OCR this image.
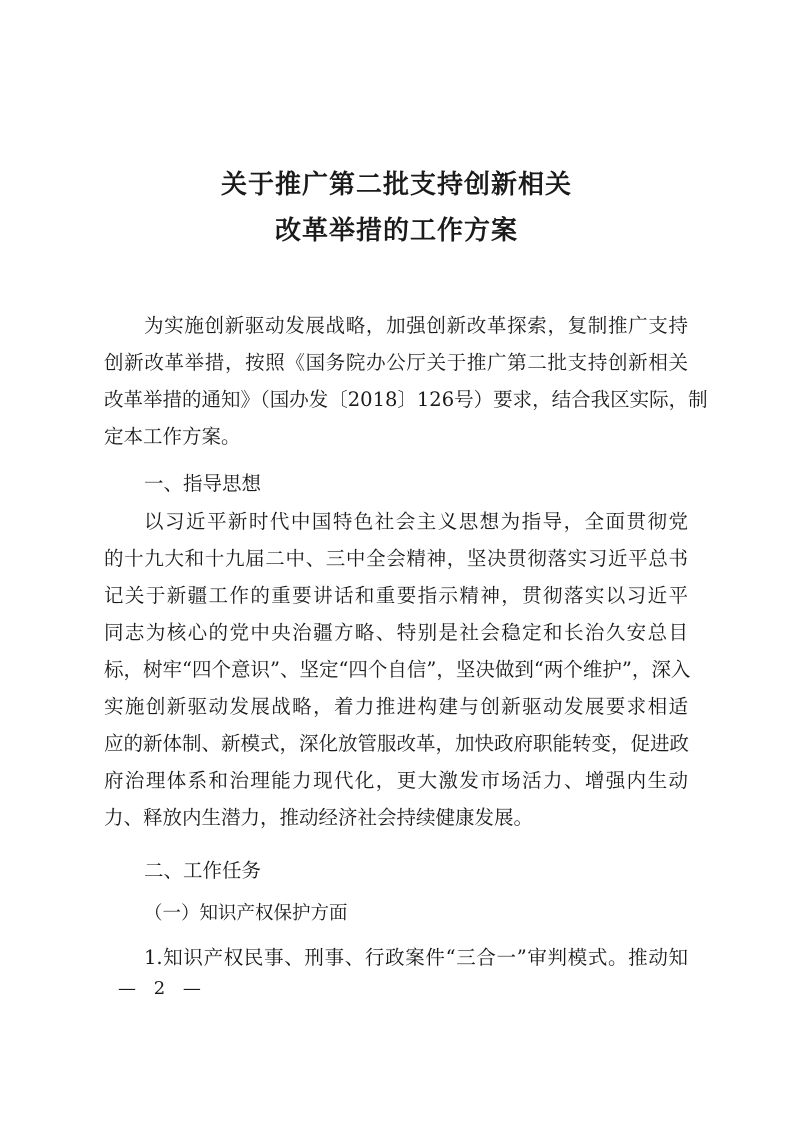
关于推广第二批支持创新相关
改革举措的工作方案

为实施创新驱动发展战略，加强创新改革探索，复制推广支持

创新改革举措，按照《国务院办公厅关于推广第二批支持创新相关

改革举措的通知》（国办发〔2018〕126号）要求，结合我区实际，制

定本工作方案。

一、指导思想

以习近平新时代中国特色社会主义思想为指导，全面贯彻党

的十九大和十九届二中、三中全会精神，坚决贯彻落实习近平总书

记关于新疆工作的重要讲话和重要指示精神，贯彻落实以习近平

同志为核心的党中央治疆方略、特别是社会稳定和长治久安总目

标，树牢“四个意识”、坚定“四个自信”，坚决做到“两个维护”，深入

实施创新驱动发展战略，着力推进构建与创新驱动发展要求相适

应的新体制、新模式，深化放管服改革，加快政府职能转变，促进政

府治理体系和治理能力现代化，更大激发市场活力、增强内生动

力、释放内生潜力，推动经济社会持续健康发展。

二、工作任务

（一）知识产权保护方面

1.知识产权民事、刑事、行政案件“三合一”审判模式。推动知

— 2 —
